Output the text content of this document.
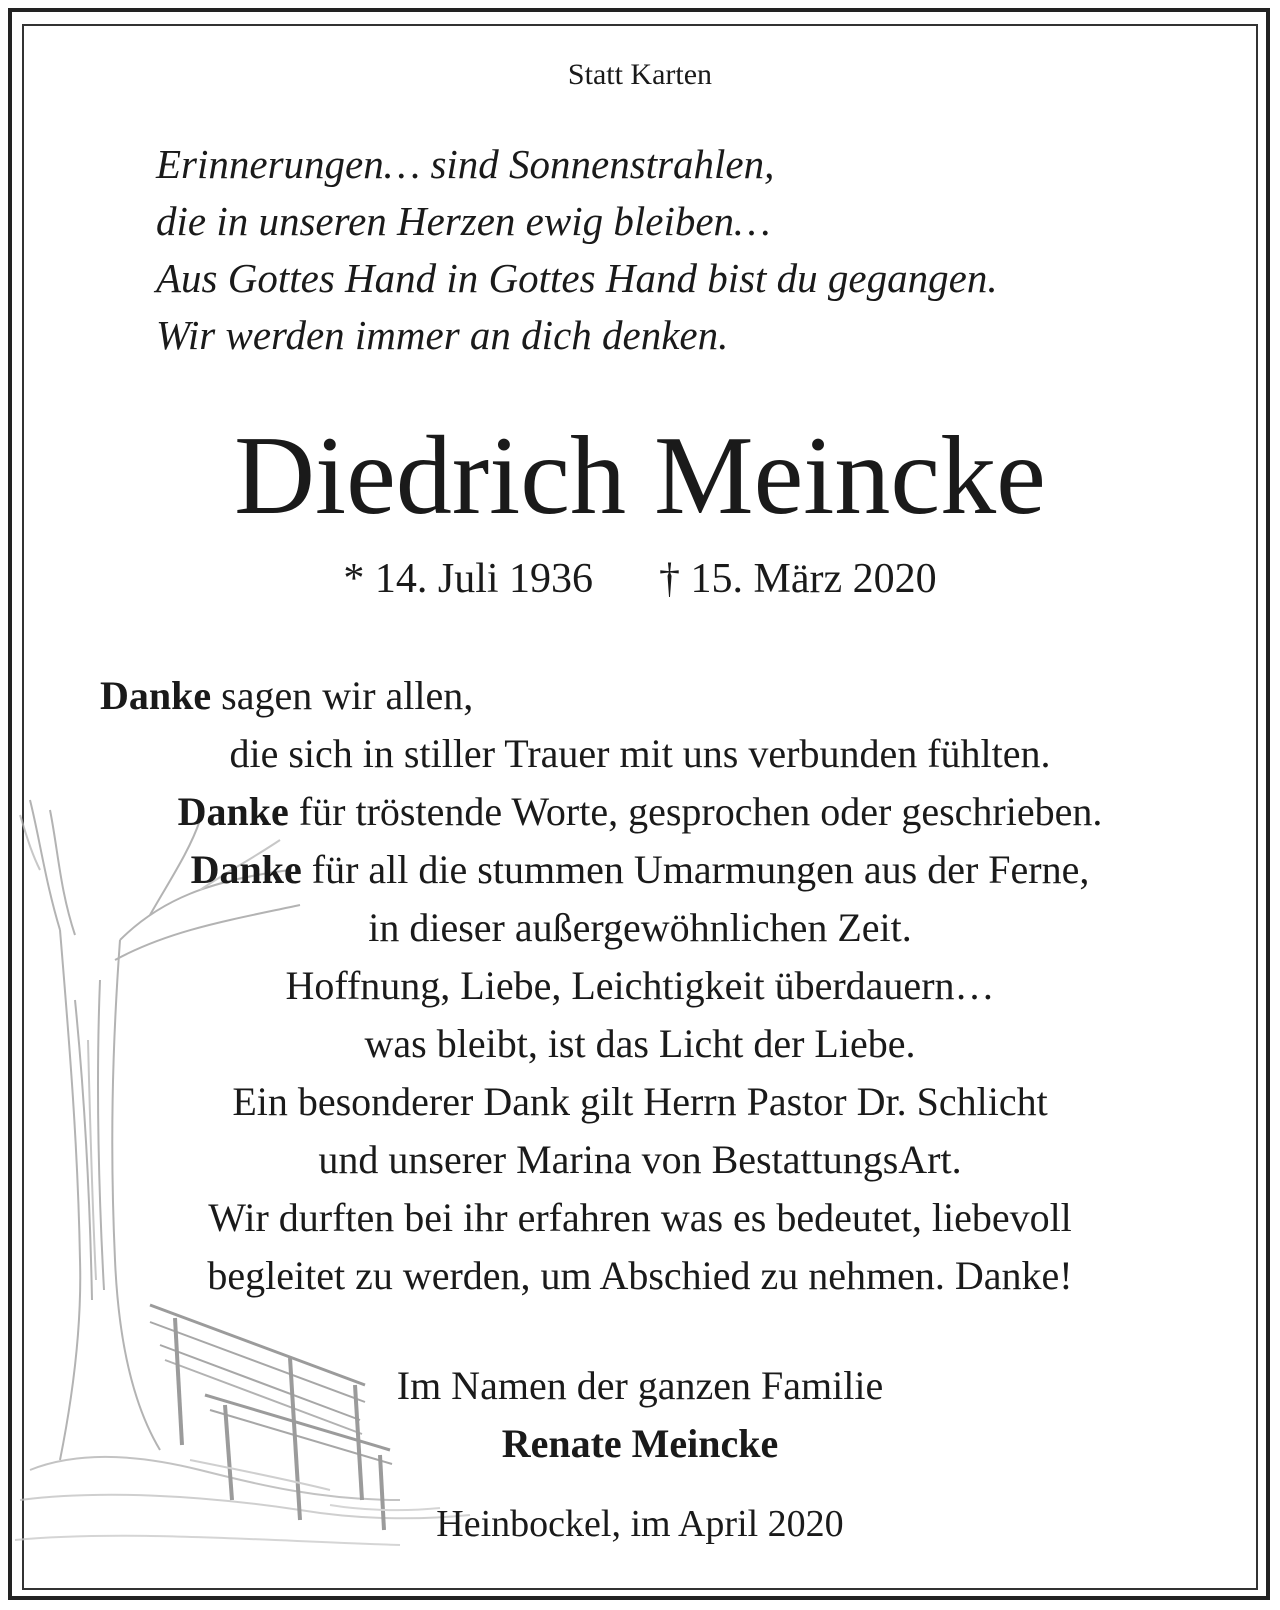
Statt Karten
Erinnerungen… sind Sonnenstrahlen,
die in unseren Herzen ewig bleiben…
Aus Gottes Hand in Gottes Hand bist du gegangen.
Wir werden immer an dich denken.
Diedrich Meincke
* 14. Juli 1936 † 15. März 2020
Danke sagen wir allen,
die sich in stiller Trauer mit uns verbunden fühlten.
Danke für tröstende Worte, gesprochen oder geschrieben.
Danke für all die stummen Umarmungen aus der Ferne,
in dieser außergewöhnlichen Zeit.
Hoffnung, Liebe, Leichtigkeit überdauern…
was bleibt, ist das Licht der Liebe.
Ein besonderer Dank gilt Herrn Pastor Dr. Schlicht
und unserer Marina von BestattungsArt.
Wir durften bei ihr erfahren was es bedeutet, liebevoll
begleitet zu werden, um Abschied zu nehmen. Danke!
Im Namen der ganzen Familie
Renate Meincke
Heinbockel, im April 2020
